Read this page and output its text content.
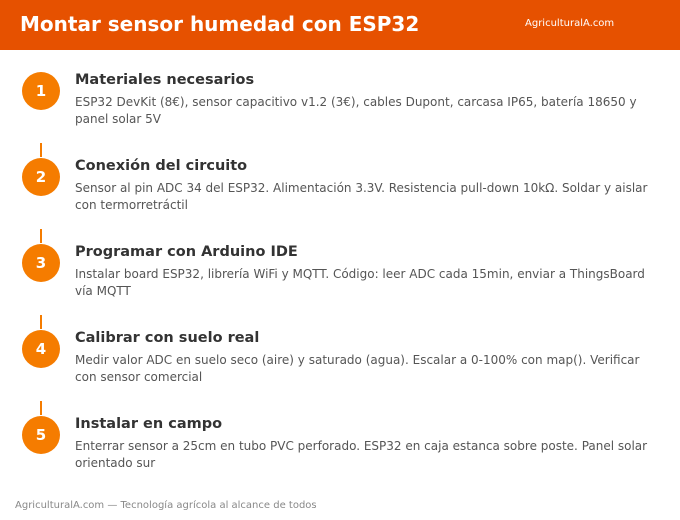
Montar sensor humedad con ESP32	AgriculturalA.com
1
Materiales necesarios
ESP32 DevKit (8€), sensor capacitivo v1.2 (3€), cables Dupont, carcasa IP65, batería 18650 y panel solar 5V
2
Conexión del circuito
Sensor al pin ADC 34 del ESP32. Alimentación 3.3V. Resistencia pull-down 10kΩ. Soldar y aislar con termorretráctil
3
Programar con Arduino IDE
Instalar board ESP32, librería WiFi y MQTT. Código: leer ADC cada 15min, enviar a ThingsBoard vía MQTT
4
Calibrar con suelo real
Medir valor ADC en suelo seco (aire) y saturado (agua). Escalar a 0-100% con map(). Verificar con sensor comercial
5
Instalar en campo
Enterrar sensor a 25cm en tubo PVC perforado. ESP32 en caja estanca sobre poste. Panel solar orientado sur
AgriculturalA.com — Tecnología agrícola al alcance de todos
